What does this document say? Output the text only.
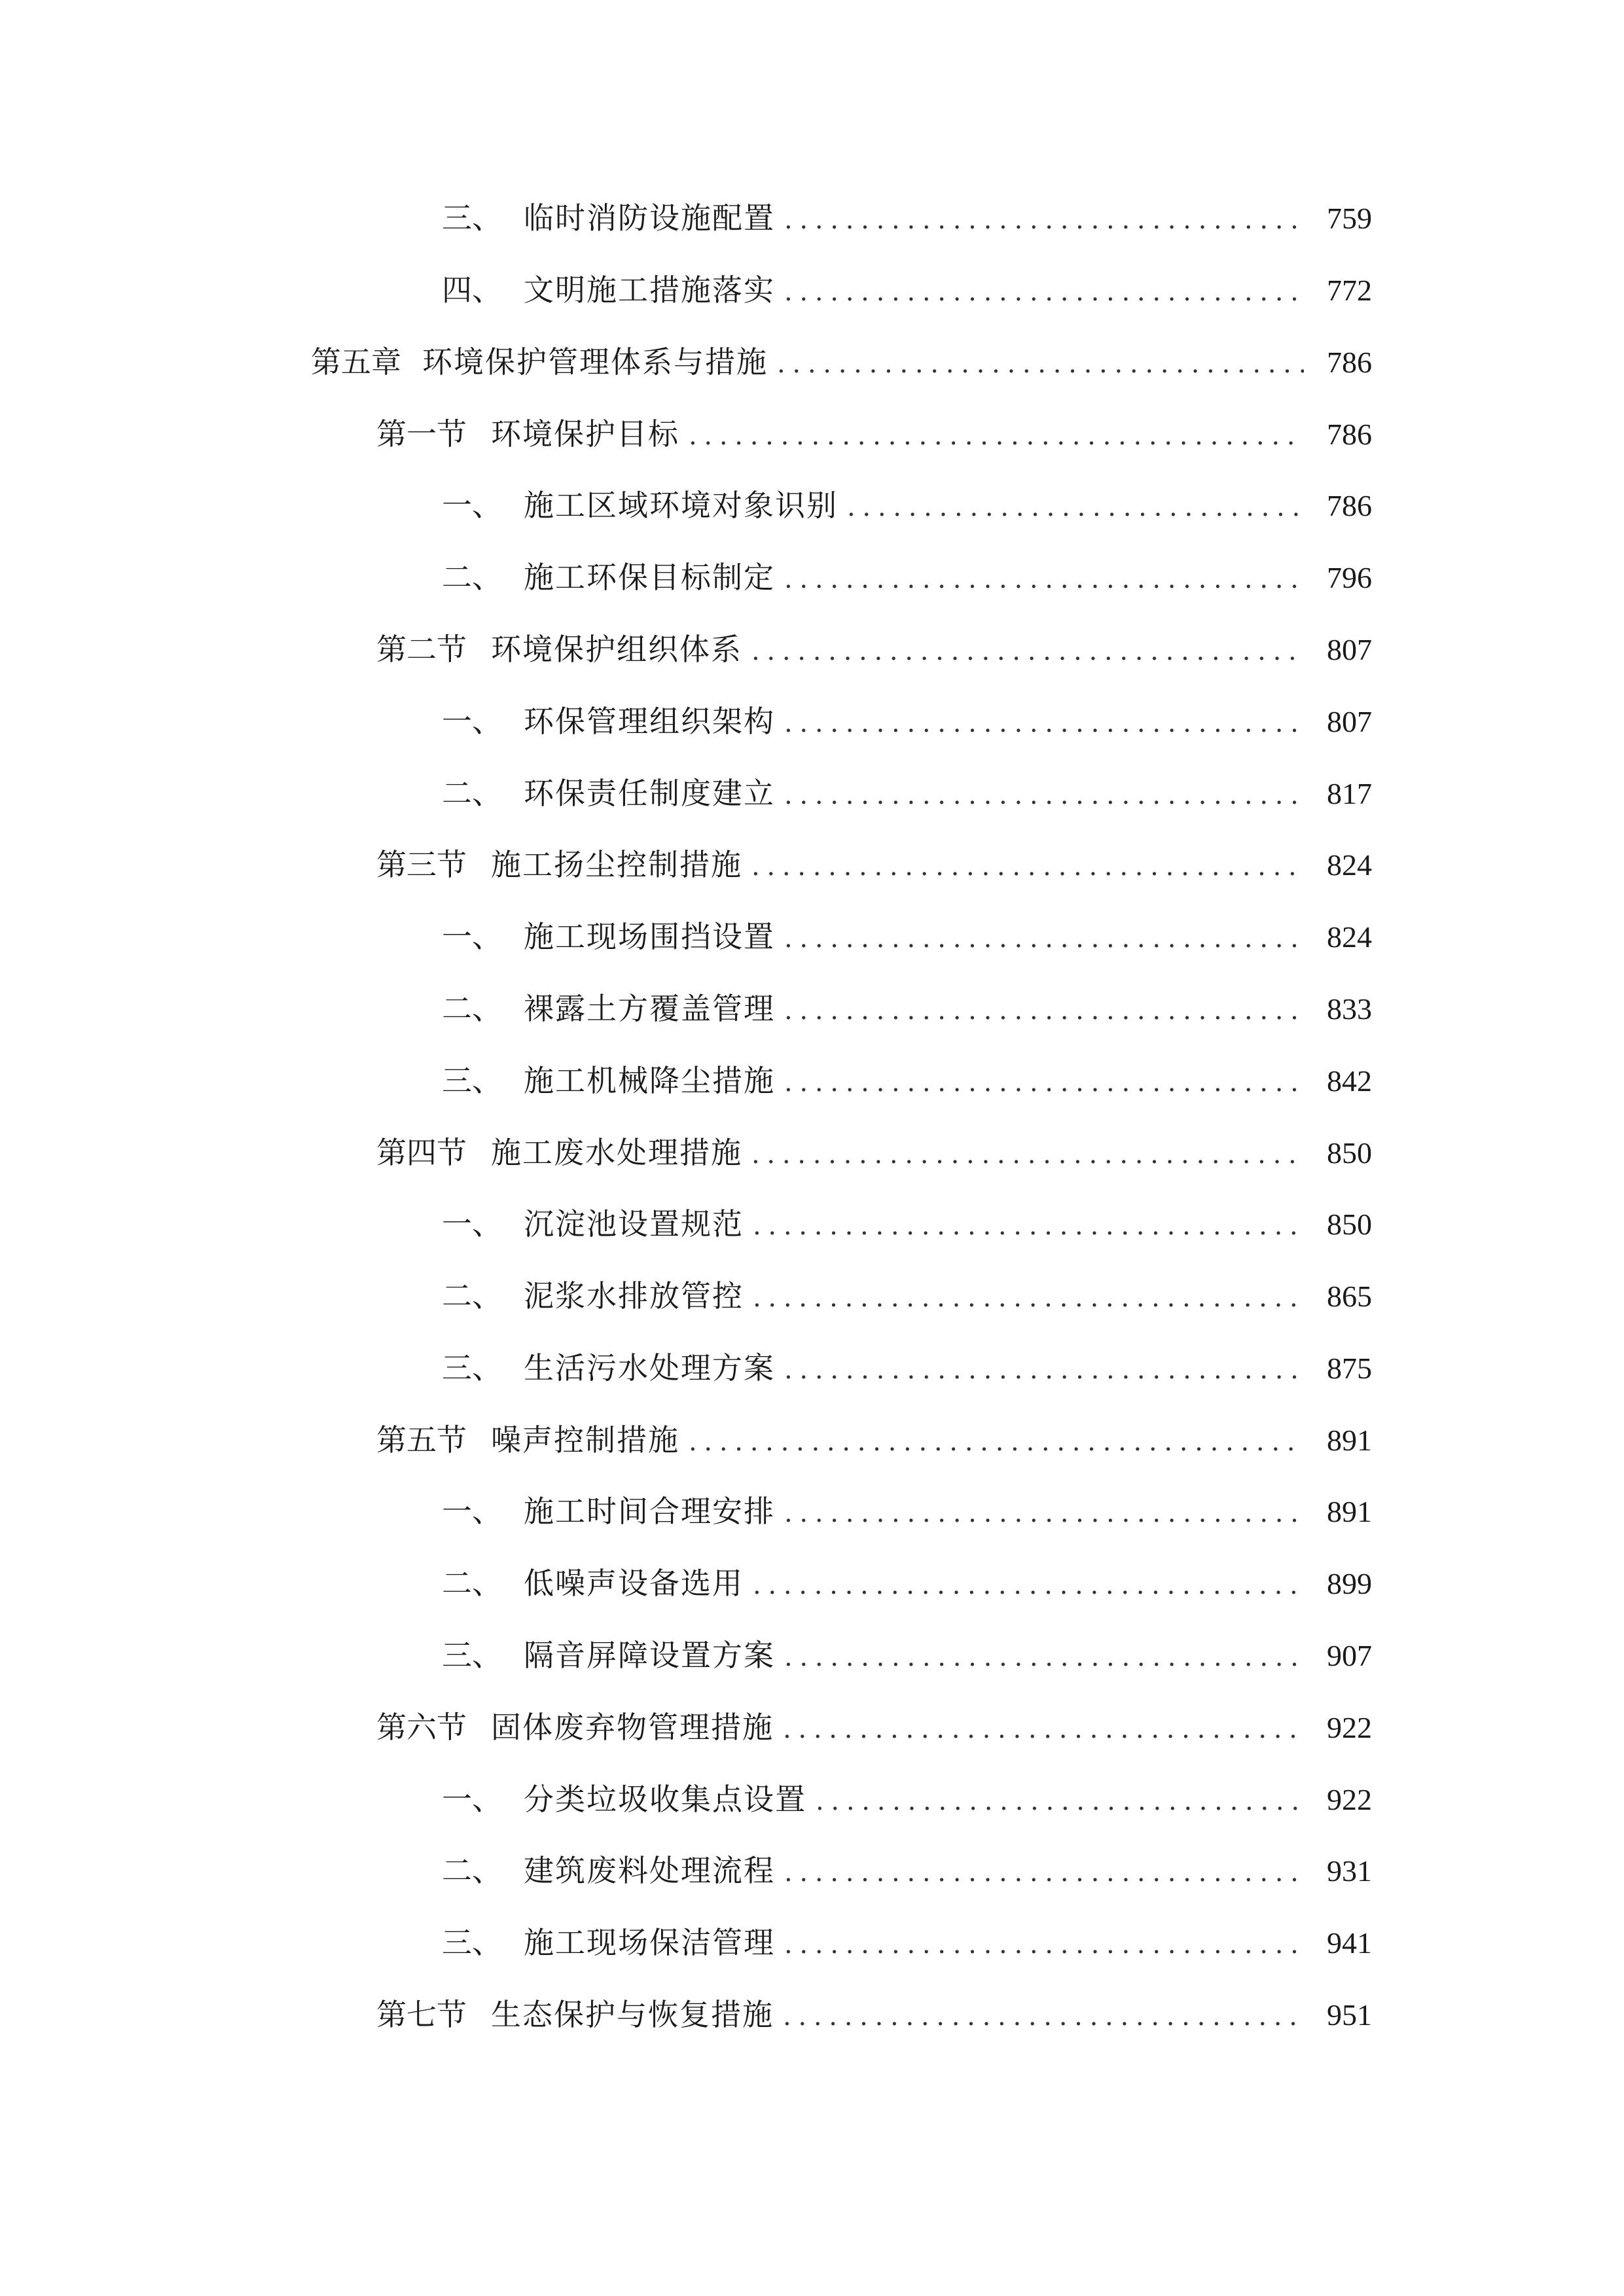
三、 临时消防设施配置 . . .	759
四、 文明施工措施落实 . . .	772
第五章 环境保护管理体系与措施 . . .	786
第一节 环境保护目标 . . .	786
一、 施工区域环境对象识别 . . .	786
二、 施工环保目标制定 . . .	796
第二节 环境保护组织体系 . . .	807
一、 环保管理组织架构 . . .	807
二、 环保责任制度建立 . . .	817
第三节 施工扬尘控制措施 . . .	824
一、 施工现场围挡设置 . . .	824
二、 裸露土方覆盖管理 . . .	833
三、 施工机械降尘措施 . . .	842
第四节 施工废水处理措施 . . .	850
一、 沉淀池设置规范 . . .	850
二、 泥浆水排放管控 . . .	865
三、 生活污水处理方案 . . .	875
第五节 噪声控制措施 . . .	891
一、 施工时间合理安排 . . .	891
二、 低噪声设备选用 . . .	899
三、 隔音屏障设置方案 . . .	907
第六节 固体废弃物管理措施 . . .	922
一、 分类垃圾收集点设置 . . .	922
二、 建筑废料处理流程 . . .	931
三、 施工现场保洁管理 . . .	941
第七节 生态保护与恢复措施 . . .	951
